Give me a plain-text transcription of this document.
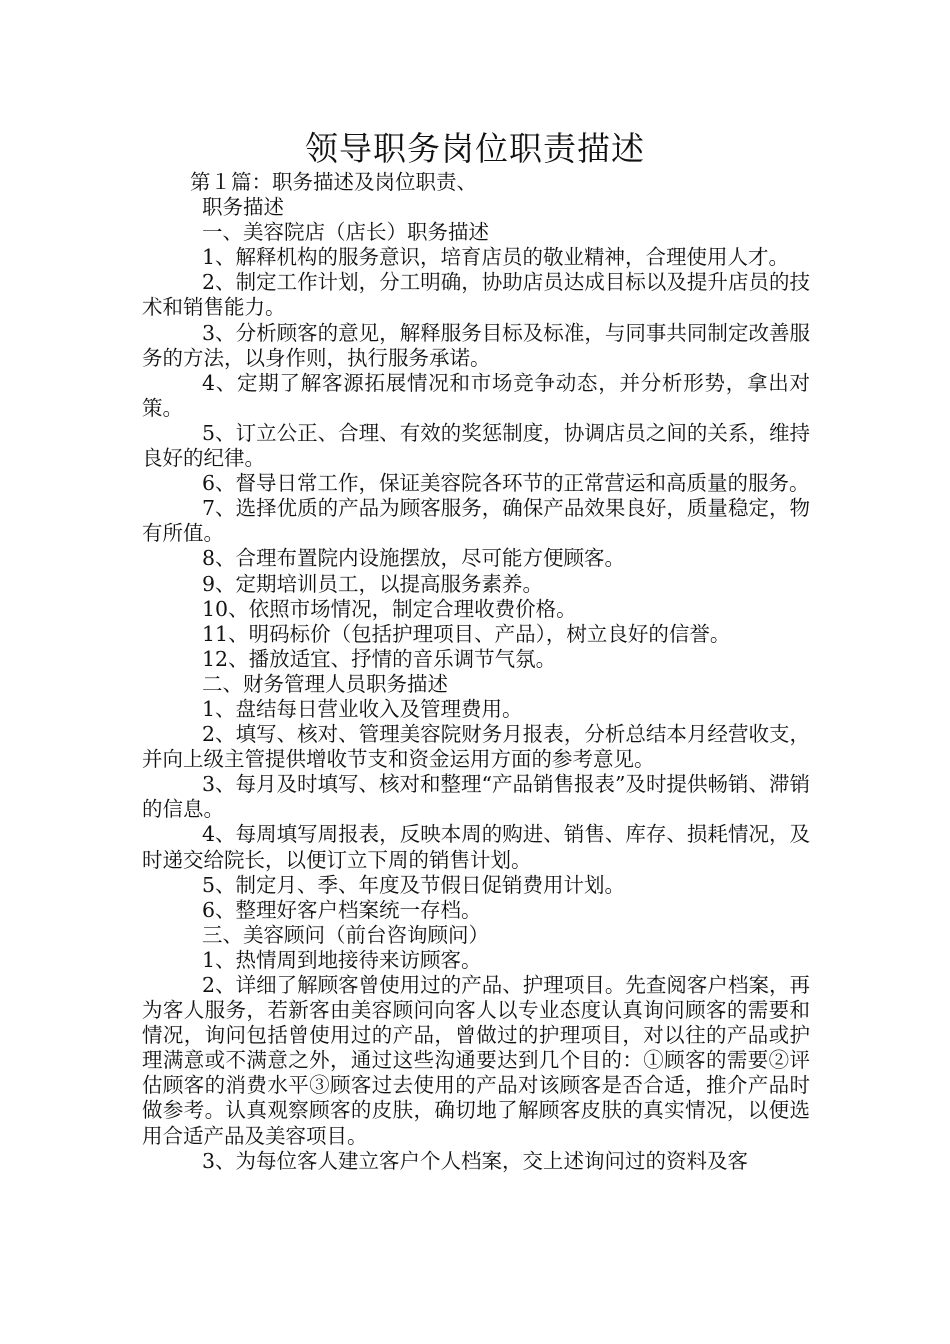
领导职务岗位职责描述

第１篇：职务描述及岗位职责、

职务描述

一、美容院店（店长）职务描述

1、解释机构的服务意识，培育店员的敬业精神，合理使用人才。

2、制定工作计划，分工明确，协助店员达成目标以及提升店员的技术和销售能力。

3、分析顾客的意见，解释服务目标及标准，与同事共同制定改善服务的方法，以身作则，执行服务承诺。

4、定期了解客源拓展情况和市场竞争动态，并分析形势，拿出对策。

5、订立公正、合理、有效的奖惩制度，协调店员之间的关系，维持良好的纪律。

6、督导日常工作，保证美容院各环节的正常营运和高质量的服务。

7、选择优质的产品为顾客服务，确保产品效果良好，质量稳定，物有所值。

8、合理布置院内设施摆放，尽可能方便顾客。

9、定期培训员工，以提高服务素养。

10、依照市场情况，制定合理收费价格。

11、明码标价（包括护理项目、产品），树立良好的信誉。

12、播放适宜、抒情的音乐调节气氛。

二、财务管理人员职务描述

1、盘结每日营业收入及管理费用。

2、填写、核对、管理美容院财务月报表，分析总结本月经营收支，并向上级主管提供增收节支和资金运用方面的参考意见。

3、每月及时填写、核对和整理“产品销售报表”及时提供畅销、滞销的信息。

4、每周填写周报表，反映本周的购进、销售、库存、损耗情况，及时递交给院长，以便订立下周的销售计划。

5、制定月、季、年度及节假日促销费用计划。

6、整理好客户档案统一存档。

三、美容顾问（前台咨询顾问）

1、热情周到地接待来访顾客。

2、详细了解顾客曾使用过的产品、护理项目。先查阅客户档案，再为客人服务，若新客由美容顾问向客人以专业态度认真询问顾客的需要和情况，询问包括曾使用过的产品，曾做过的护理项目，对以往的产品或护理满意或不满意之外，通过这些沟通要达到几个目的：①顾客的需要②评估顾客的消费水平③顾客过去使用的产品对该顾客是否合适，推介产品时做参考。认真观察顾客的皮肤，确切地了解顾客皮肤的真实情况，以便选用合适产品及美容项目。

3、为每位客人建立客户个人档案，交上述询问过的资料及客
